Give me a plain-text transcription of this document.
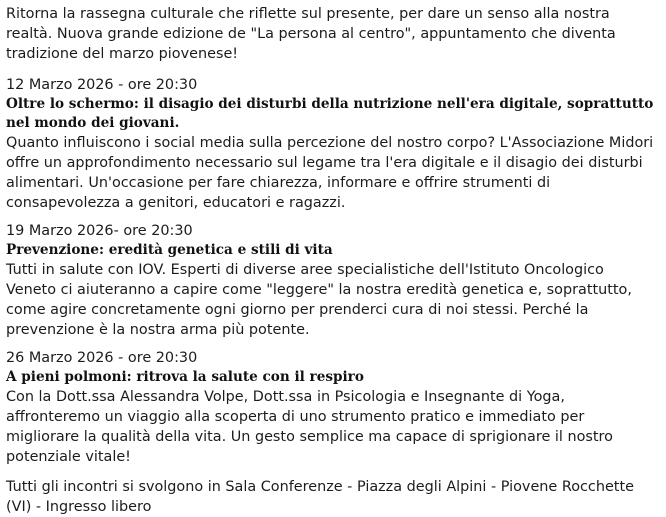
Ritorna la rassegna culturale che riflette sul presente, per dare un senso alla nostra realtà. Nuova grande edizione de "La persona al centro", appuntamento che diventa tradizione del marzo piovenese!

12 Marzo 2026 - ore 20:30
Oltre lo schermo: il disagio dei disturbi della nutrizione nell'era digitale, soprattutto nel mondo dei giovani.
Quanto influiscono i social media sulla percezione del nostro corpo? L'Associazione Midori offre un approfondimento necessario sul legame tra l'era digitale e il disagio dei disturbi alimentari. Un'occasione per fare chiarezza, informare e offrire strumenti di consapevolezza a genitori, educatori e ragazzi.
19 Marzo 2026- ore 20:30
Prevenzione: eredità genetica e stili di vita
Tutti in salute con IOV. Esperti di diverse aree specialistiche dell'Istituto Oncologico Veneto ci aiuteranno a capire come "leggere" la nostra eredità genetica e, soprattutto, come agire concretamente ogni giorno per prenderci cura di noi stessi. Perché la prevenzione è la nostra arma più potente.
26 Marzo 2026 - ore 20:30
A pieni polmoni: ritrova la salute con il respiro
Con la Dott.ssa Alessandra Volpe, Dott.ssa in Psicologia e Insegnante di Yoga, affronteremo un viaggio alla scoperta di uno strumento pratico e immediato per migliorare la qualità della vita. Un gesto semplice ma capace di sprigionare il nostro potenziale vitale!

Tutti gli incontri si svolgono in Sala Conferenze - Piazza degli Alpini - Piovene Rocchette (VI) - Ingresso libero
